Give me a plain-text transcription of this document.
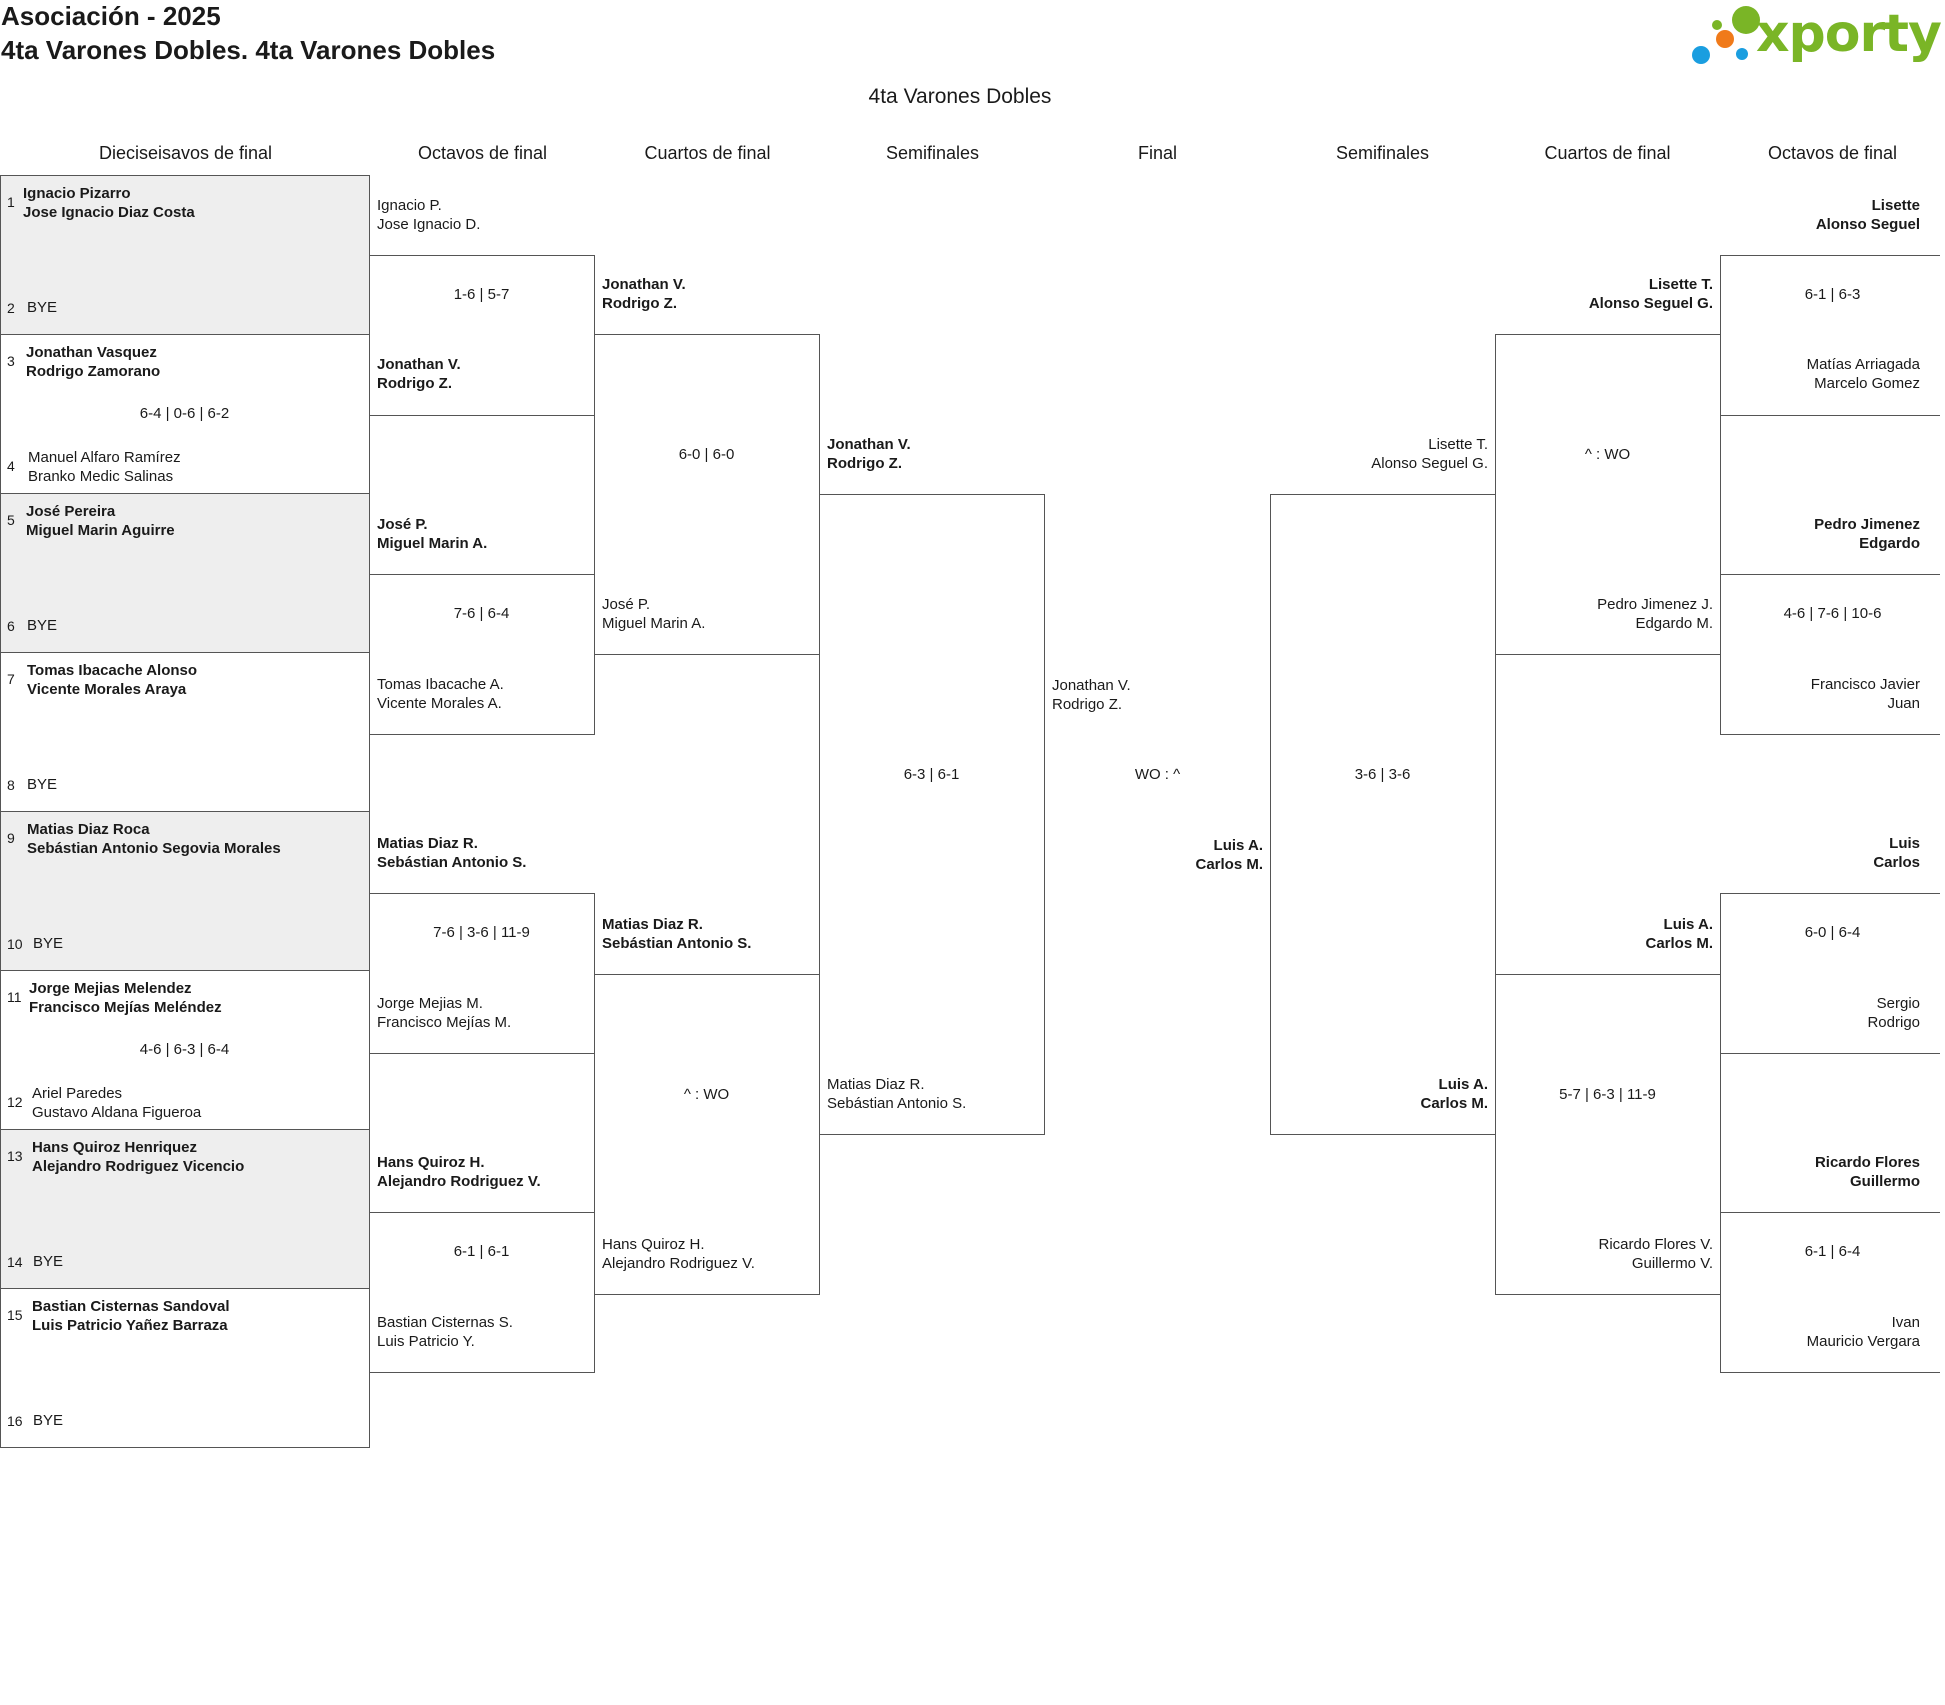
Asociación - 2025
4ta Varones Dobles. 4ta Varones Dobles	xporty
4ta Varones Dobles
Dieciseisavos de final	Octavos de final	Cuartos de final	Semifinales	Final	Semifinales	Cuartos de final	Octavos de final
1 Ignacio Pizarro
Jose Ignacio Diaz Costa
2 BYE
3 Jonathan Vasquez
Rodrigo Zamorano
6-4 | 0-6 | 6-2
4 Manuel Alfaro Ramírez
Branko Medic Salinas
5 José Pereira
Miguel Marin Aguirre
6 BYE
7 Tomas Ibacache Alonso
Vicente Morales Araya
8 BYE
9 Matias Diaz Roca
Sebástian Antonio Segovia Morales
10 BYE
11 Jorge Mejias Melendez
Francisco Mejías Meléndez
4-6 | 6-3 | 6-4
12 Ariel Paredes
Gustavo Aldana Figueroa
13 Hans Quiroz Henriquez
Alejandro Rodriguez Vicencio
14 BYE
15 Bastian Cisternas Sandoval
Luis Patricio Yañez Barraza
16 BYE
Ignacio P.
Jose Ignacio D.
1-6 | 5-7
Jonathan V.
Rodrigo Z.
José P.
Miguel Marin A.
7-6 | 6-4
Tomas Ibacache A.
Vicente Morales A.
Matias Diaz R.
Sebástian Antonio S.
7-6 | 3-6 | 11-9
Jorge Mejias M.
Francisco Mejías M.
Hans Quiroz H.
Alejandro Rodriguez V.
6-1 | 6-1
Bastian Cisternas S.
Luis Patricio Y.
Jonathan V.
Rodrigo Z.
6-0 | 6-0
José P.
Miguel Marin A.
Matias Diaz R.
Sebástian Antonio S.
^ : WO
Hans Quiroz H.
Alejandro Rodriguez V.
Jonathan V.
Rodrigo Z.
6-3 | 6-1
Matias Diaz R.
Sebástian Antonio S.
Jonathan V.
Rodrigo Z.
WO : ^
Luis A.
Carlos M.
Lisette T.
Alonso Seguel G.
3-6 | 3-6
Luis A.
Carlos M.
Lisette T.
Alonso Seguel G.
^ : WO
Pedro Jimenez J.
Edgardo M.
Luis A.
Carlos M.
5-7 | 6-3 | 11-9
Ricardo Flores V.
Guillermo V.
Lisette
Alonso Seguel
6-1 | 6-3
Matías Arriagada
Marcelo Gomez
Pedro Jimenez
Edgardo
4-6 | 7-6 | 10-6
Francisco Javier
Juan
Luis
Carlos
6-0 | 6-4
Sergio
Rodrigo
Ricardo Flores
Guillermo
6-1 | 6-4
Ivan
Mauricio Vergara
